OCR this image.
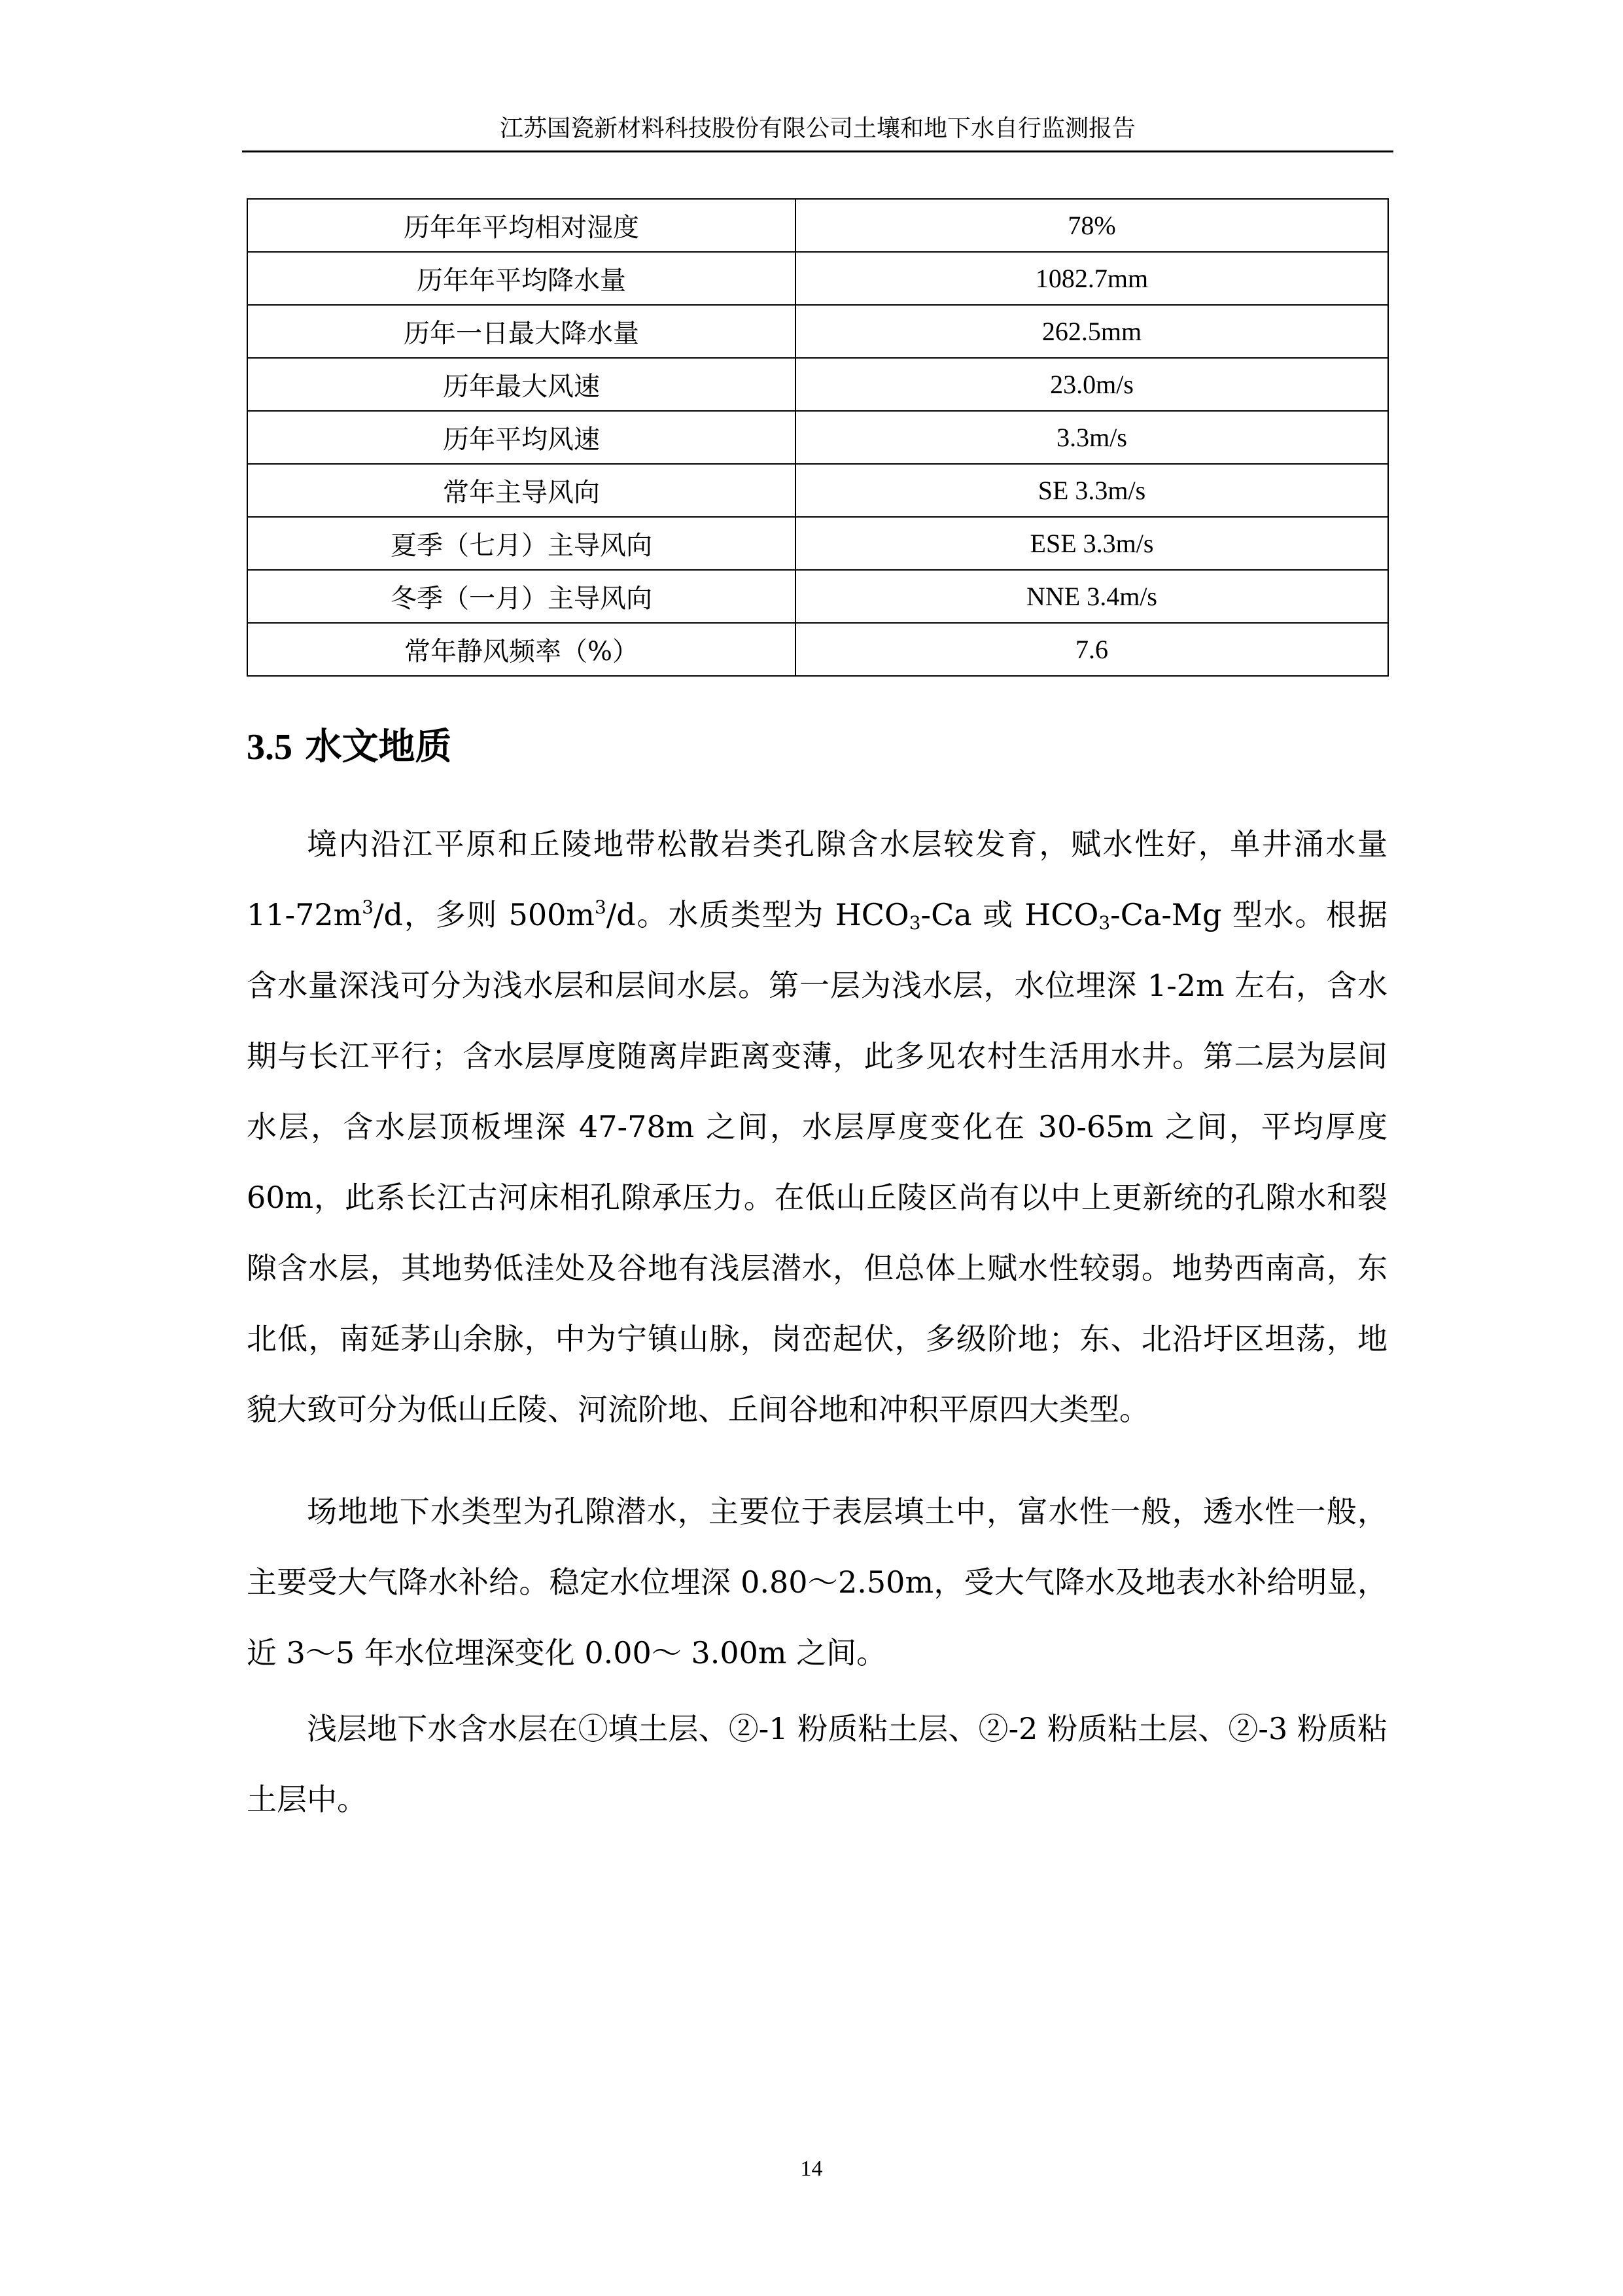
江苏国瓷新材料科技股份有限公司土壤和地下水自行监测报告
历年年平均相对湿度	78%
历年年平均降水量	1082.7mm
历年一日最大降水量	262.5mm
历年最大风速	23.0m/s
历年平均风速	3.3m/s
常年主导风向	SE 3.3m/s
夏季（七月）主导风向	ESE 3.3m/s
冬季（一月）主导风向	NNE 3.4m/s
常年静风频率（%）	7.6
3.5 水文地质

境内沿江平原和丘陵地带松散岩类孔隙含水层较发育，赋水性好，单井涌水量 $11-72m^3/d$，多则 $500m^3/d$。水质类型为 $HCO_3-Ca$ 或 $HCO_3-Ca-Mg$ 型水。根据含水量深浅可分为浅水层和层间水层。第一层为浅水层，水位埋深 1-2m 左右，含水期与长江平行；含水层厚度随离岸距离变薄，此多见农村生活用水井。第二层为层间水层，含水层顶板埋深 47-78m 之间，水层厚度变化在 30-65m 之间，平均厚度 60m，此系长江古河床相孔隙承压力。在低山丘陵区尚有以中上更新统的孔隙水和裂隙含水层，其地势低洼处及谷地有浅层潜水，但总体上赋水性较弱。地势西南高，东北低，南延茅山余脉，中为宁镇山脉，岗峦起伏，多级阶地；东、北沿圩区坦荡，地貌大致可分为低山丘陵、河流阶地、丘间谷地和冲积平原四大类型。

场地地下水类型为孔隙潜水，主要位于表层填土中，富水性一般，透水性一般，主要受大气降水补给。稳定水位埋深 0.80～2.50m，受大气降水及地表水补给明显，近 3～5 年水位埋深变化 0.00～ 3.00m 之间。

浅层地下水含水层在①填土层、②-1 粉质粘土层、②-2 粉质粘土层、②-3 粉质粘土层中。

14
